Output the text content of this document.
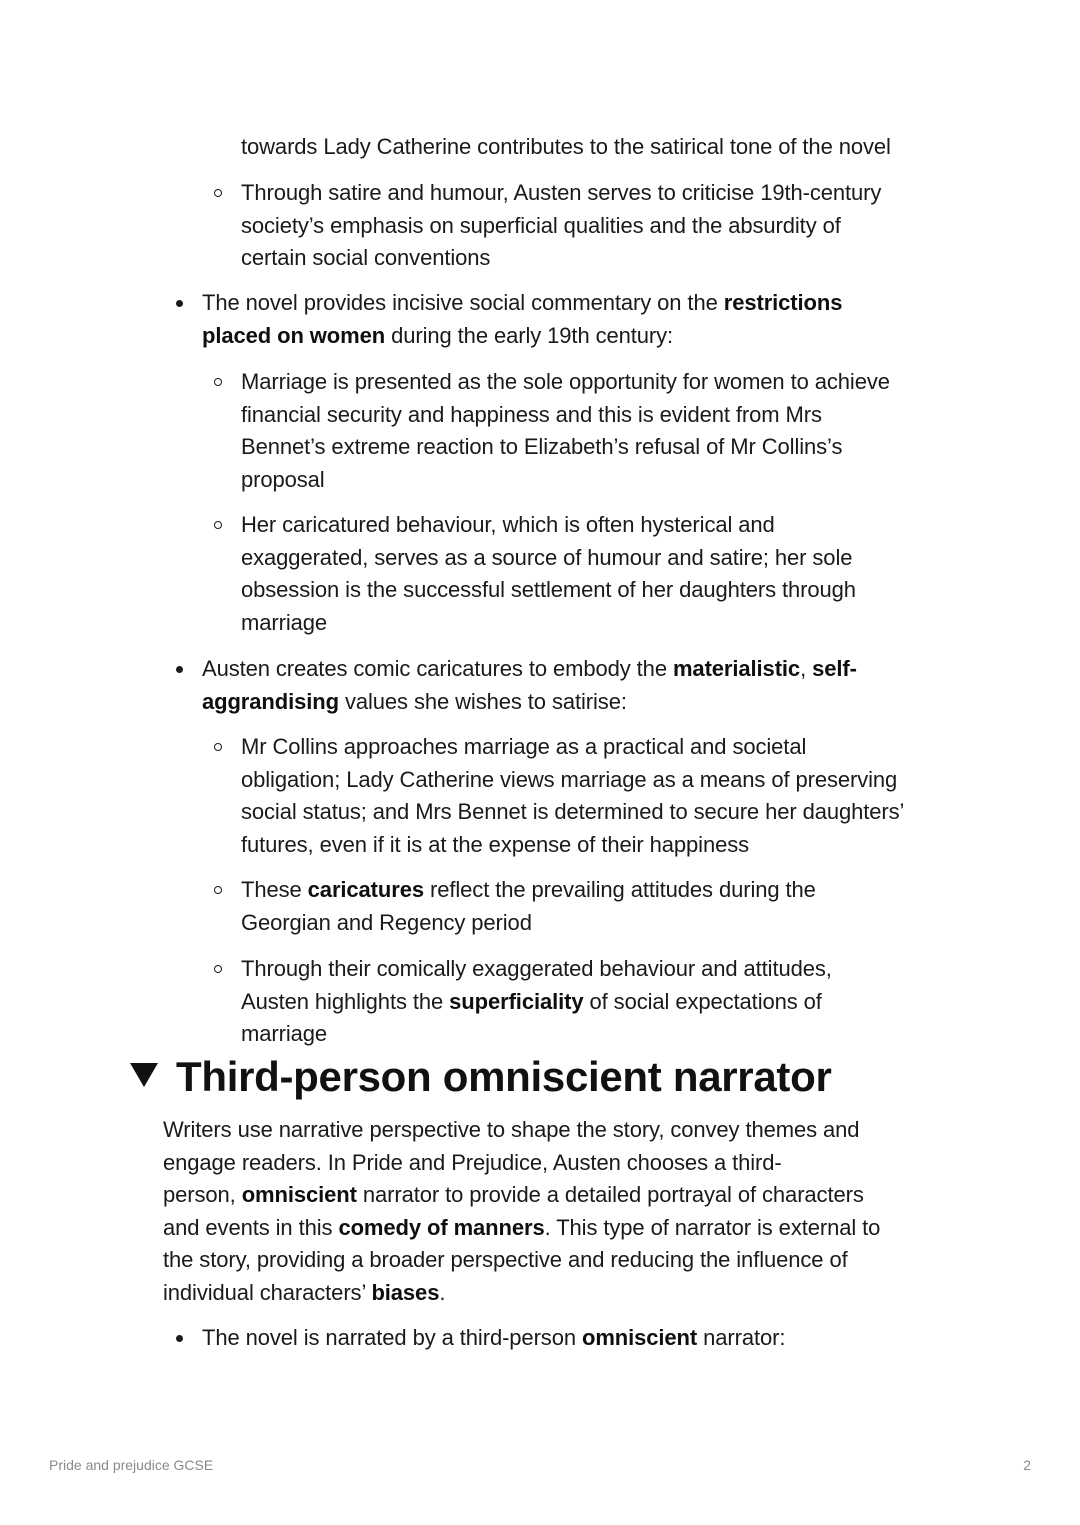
towards Lady Catherine contributes to the satirical tone of the novel
Through satire and humour, Austen serves to criticise 19th-century
society’s emphasis on superficial qualities and the absurdity of
certain social conventions
The novel provides incisive social commentary on the restrictions
placed on women during the early 19th century:
Marriage is presented as the sole opportunity for women to achieve
financial security and happiness and this is evident from Mrs
Bennet’s extreme reaction to Elizabeth’s refusal of Mr Collins’s
proposal
Her caricatured behaviour, which is often hysterical and
exaggerated, serves as a source of humour and satire; her sole
obsession is the successful settlement of her daughters through
marriage
Austen creates comic caricatures to embody the materialistic, self-
aggrandising values she wishes to satirise:
Mr Collins approaches marriage as a practical and societal
obligation; Lady Catherine views marriage as a means of preserving
social status; and Mrs Bennet is determined to secure her daughters’
futures, even if it is at the expense of their happiness
These caricatures reflect the prevailing attitudes during the
Georgian and Regency period
Through their comically exaggerated behaviour and attitudes,
Austen highlights the superficiality of social expectations of
marriage
Third-person omniscient narrator
Writers use narrative perspective to shape the story, convey themes and
engage readers. In Pride and Prejudice, Austen chooses a third-
person, omniscient narrator to provide a detailed portrayal of characters
and events in this comedy of manners. This type of narrator is external to
the story, providing a broader perspective and reducing the influence of
individual characters’ biases.
The novel is narrated by a third-person omniscient narrator:
Pride and prejudice GCSE	2
